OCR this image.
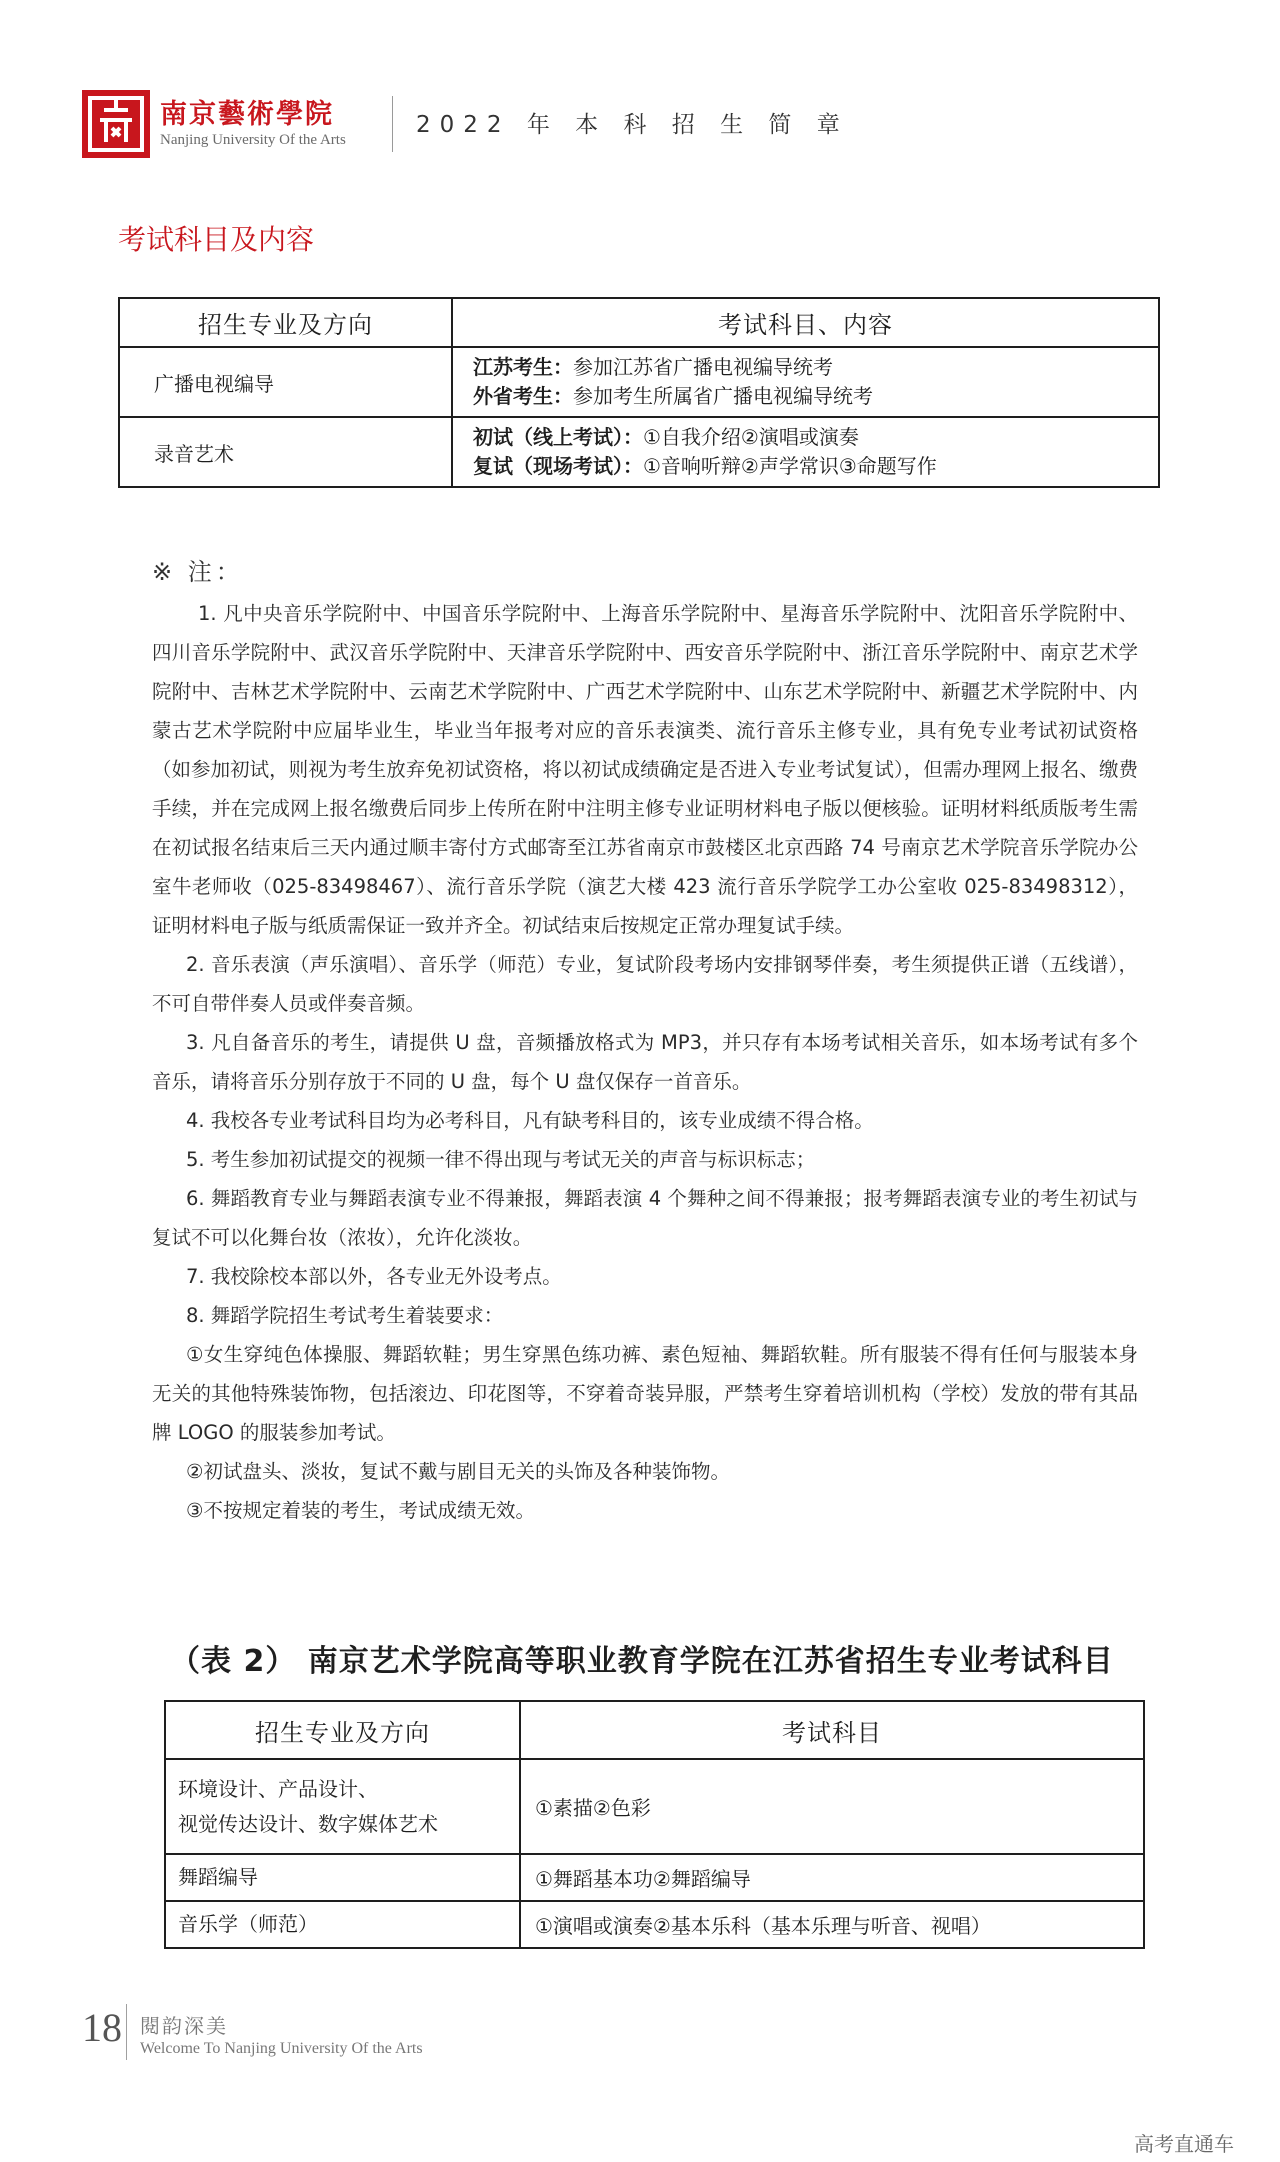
南京藝術學院
Nanjing University Of the Arts
2022 年 本 科 招 生 简 章
考试科目及内容
招生专业及方向	考试科目、内容
广播电视编导	江苏考生：参加江苏省广播电视编导统考
外省考生：参加考生所属省广播电视编导统考

录音艺术	初试（线上考试）：①自我介绍②演唱或演奏
复试（现场考试）：①音响听辩②声学常识③命题写作
※ 注：

1. 凡中央音乐学院附中、中国音乐学院附中、上海音乐学院附中、星海音乐学院附中、沈阳音乐学院附中、四川音乐学院附中、武汉音乐学院附中、天津音乐学院附中、西安音乐学院附中、浙江音乐学院附中、南京艺术学院附中、吉林艺术学院附中、云南艺术学院附中、广西艺术学院附中、山东艺术学院附中、新疆艺术学院附中、内蒙古艺术学院附中应届毕业生，毕业当年报考对应的音乐表演类、流行音乐主修专业，具有免专业考试初试资格（如参加初试，则视为考生放弃免初试资格，将以初试成绩确定是否进入专业考试复试），但需办理网上报名、缴费手续，并在完成网上报名缴费后同步上传所在附中注明主修专业证明材料电子版以便核验。证明材料纸质版考生需在初试报名结束后三天内通过顺丰寄付方式邮寄至江苏省南京市鼓楼区北京西路 74 号南京艺术学院音乐学院办公室牛老师收（025-83498467）、流行音乐学院（演艺大楼 423 流行音乐学院学工办公室收 025-83498312），证明材料电子版与纸质需保证一致并齐全。初试结束后按规定正常办理复试手续。

2. 音乐表演（声乐演唱）、音乐学（师范）专业，复试阶段考场内安排钢琴伴奏，考生须提供正谱（五线谱），不可自带伴奏人员或伴奏音频。

3. 凡自备音乐的考生，请提供 U 盘，音频播放格式为 MP3，并只存有本场考试相关音乐，如本场考试有多个音乐，请将音乐分别存放于不同的 U 盘，每个 U 盘仅保存一首音乐。

4. 我校各专业考试科目均为必考科目，凡有缺考科目的，该专业成绩不得合格。

5. 考生参加初试提交的视频一律不得出现与考试无关的声音与标识标志；

6. 舞蹈教育专业与舞蹈表演专业不得兼报，舞蹈表演 4 个舞种之间不得兼报；报考舞蹈表演专业的考生初试与复试不可以化舞台妆（浓妆），允许化淡妆。

7. 我校除校本部以外，各专业无外设考点。

8. 舞蹈学院招生考试考生着装要求：

①女生穿纯色体操服、舞蹈软鞋；男生穿黑色练功裤、素色短袖、舞蹈软鞋。所有服装不得有任何与服装本身无关的其他特殊装饰物，包括滚边、印花图等，不穿着奇装异服，严禁考生穿着培训机构（学校）发放的带有其品牌 LOGO 的服装参加考试。

②初试盘头、淡妆，复试不戴与剧目无关的头饰及各种装饰物。

③不按规定着装的考生，考试成绩无效。

（表 2） 南京艺术学院高等职业教育学院在江苏省招生专业考试科目
招生专业及方向	考试科目

环境设计、产品设计、
视觉传达设计、数字媒体艺术	①素描②色彩
舞蹈编导	①舞蹈基本功②舞蹈编导
音乐学（师范）	①演唱或演奏②基本乐科（基本乐理与听音、视唱）
18 閱韵深美
Welcome To Nanjing University Of the Arts
高考直通车
